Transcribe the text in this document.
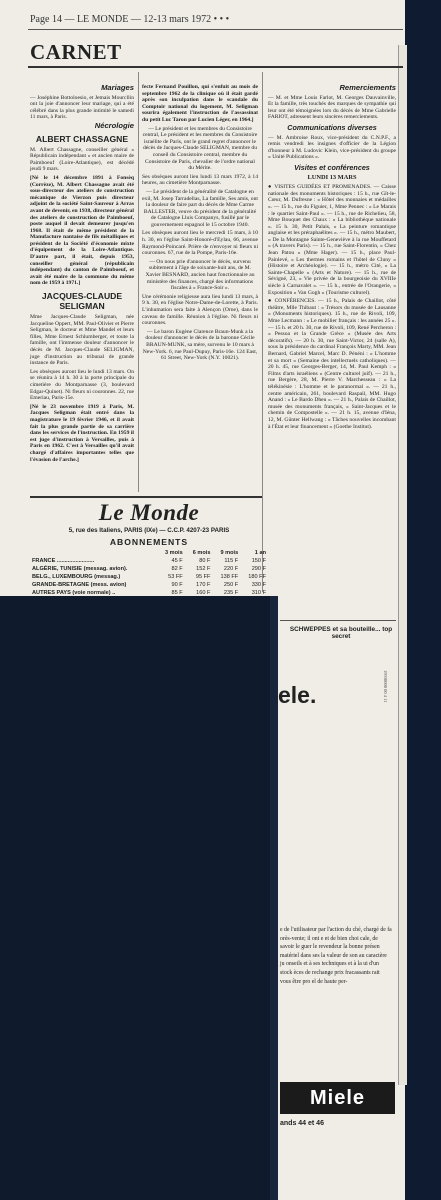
Page 14 — LE MONDE — 12-13 mars 1972 • • •
CARNET
Mariages

— Joséphine Bottoloesio, et Jemais Mourcllin ont la joie d'annoncer leur mariage, qui a été célébré dans la plus grande intimité le samedi 11 mars, à Paris.

Nécrologie
ALBERT CHASSAGNE

M. Albert Chassagne, conseiller général « Républicain indépendant » et ancien maire de Paimboeuf (Loire-Atlantique), est décédé jeudi 9 mars.

[Né le 14 décembre 1891 à Fonsèq (Corrèze), M. Albert Chassagne avait été sous-directeur des ateliers de construction mécanique de Vierzon puis directeur adjoint de la société Saint-Sauveur à Arras avant de devenir, en 1938, directeur général des ateliers de construction de Paimboeuf, poste auquel il devait demeurer jusqu'en 1968. Il était de même président de la Manufacture nantaise de fils métalliques et président de la Société d'économie mixte d'équipement de la Loire-Atlantique. D'autre part, il était, depuis 1953, conseiller général (républicain indépendant) du canton de Paimboeuf, et avait été maire de la commune du même nom de 1959 à 1971.]

JACQUES-CLAUDE SELIGMAN

Mme Jacques-Claude Seligman, née Jacqueline Oppert, MM. Paul-Olivier et Pierre Seligman, le docteur et Mme Mandel et leurs filles, Mme Ernest Schlumberger, et toute la famille, ont l'immense douleur d'annoncer le décès de M. Jacques-Claude SELIGMAN, juge d'instruction au tribunal de grande instance de Paris.

Les obsèques auront lieu le lundi 13 mars. On se réunira à 14 h. 30 à la porte principale du cimetière du Montparnasse (3, boulevard Edgar-Quinet). Ni fleurs ni couronnes. 22, rue Emeriau, Paris-15e.

[Né le 23 novembre 1919 à Paris, M. Jacques Seligman était entré dans la magistrature le 19 février 1946, et il avait fait la plus grande partie de sa carrière dans les services de l'instruction. En 1959 il est juge d'instruction à Versailles, puis à Paris en 1962. C'est à Versailles qu'il avait chargé d'affaires importantes telles que l'évasion de l'arche.]

fecte Fernand Pouillon, qui s'enfuit au mois de septembre 1962 de la clinique où il était gardé après son inculpation dans le scandale du Comptoir national du logement, M. Seligman sourira également l'instruction de l'assassinat du petit Luc Taron par Lucien Léger, en 1964.]

— Le président et les membres du Consistoire central, Le président et les membres du Consistoire israélite de Paris, ont le grand regret d'annoncer le décès de Jacques-Claude SELIGMAN, membre du conseil du Consistoire central, membre du Consistoire de Paris, chevalier de l'ordre national du Mérite.

Ses obsèques auront lieu lundi 13 mars 1972, à 14 heures, au cimetière Montparnasse.

— Le président de la généralité de Catalogne en exil, M. Josep Tarradellas, La famille, Ses amis, ont la douleur de faire part du décès de Mme Carme BALLESTER, veuve du président de la généralité de Catalogne Lluis Companys, fusillé par le gouvernement espagnol le 15 octobre 1940.

Les obsèques auront lieu le mercredi 15 mars, à 10 h. 30, en l'église Saint-Honoré-d'Eylau, 66, avenue Raymond-Poincaré. Prière de n'envoyer ni fleurs ni couronnes. 67, rue de la Pompe, Paris-16e.

— On nous prie d'annoncer le décès, survenu subitement à l'âge de soixante-huit ans, de M. Xavier BESNARD, ancien haut fonctionnaire au ministère des finances, chargé des informations fiscales à « France-Soir ».

Une cérémonie religieuse aura lieu lundi 13 mars, à 9 h. 30, en l'église Notre-Dame-de-Lorette, à Paris. L'inhumation sera faite à Alençon (Orne), dans le caveau de famille. Réunion à l'église. Ni fleurs ni couronnes.

— Le baron Eugène Clarence Braun-Munk a la douleur d'annoncer le décès de la baronne Cécile BRAUN-MUNK, sa mère, survenu le 10 mars à New-York. 6, rue Paul-Dupuy, Paris-16e. 124 East, 61 Street, New-York (N.Y. 10021).

Remerciements

— M. et Mme Louis Farlot, M. Georges Dauvainville, Et la famille, très touchés des marques de sympathie qui leur ont été témoignées lors du décès de Mme Gabrielle FARIOT, adressent leurs sincères remerciements.

Communications diverses

— M. Ambroise Roux, vice-président du C.N.P.F., a remis vendredi les insignes d'officier de la Légion d'honneur à M. Ludovic Klein, vice-président du groupe « Unité Publications ».

Visites et conférences
LUNDI 13 MARS

● VISITES GUIDÉES ET PROMENADES. — Caisse nationale des monuments historiques : 15 h., rue Gît-le-Cœur, M. Dufresne : « Hôtel des monnaies et médailles ». — 15 h., rue du Figuier, 1, Mme Pennec : « Le Marais : le quartier Saint-Paul ». — 15 h., rue de Richelieu, 58, Mme Bouquet des Chaux : « La bibliothèque nationale ». 15 h. 30, Petit Palais, « La peinture romantique anglaise et les préraphaélites ». — 15 h., métro Maubert, « De la Montagne Sainte-Geneviève à la rue Mouffetard » (A travers Paris). — 15 h., rue Saint-Florentin, « Chez Jean Patou » (Mme Hager). — 15 h., place Paul-Painlevé, « Les thermes romains et l'hôtel de Cluny » (Histoire et Archéologie). — 15 h., métro Cité, « La Sainte-Chapelle » (Arts et Nature). — 15 h., rue de Sévigné, 23, « Vie privée de la bourgeoisie du XVIIIe siècle à Carnavalet ». — 15 h., entrée de l'Orangerie, « Exposition « Van Gogh » (Tourisme culturel).

● CONFÉRENCES. — 15 h., Palais de Chaillot, côté théâtre, Mlle Thibaut : « Trésors du musée de Lausanne » (Monuments historiques). 15 h., rue de Rivoli, 109, Mme Lecmann : « Le mobilier français : les années 25 ». — 15 h. et 20 h. 30, rue de Rivoli, 109, René Percheron : « Pessoa et la Grande Grèce » (Musée des Arts décoratifs). — 20 h. 30, rue Saint-Victor, 24 (salle A), sous la présidence du cardinal François Marty, MM. Jean Bernard, Gabriel Marcel, Marc D. Pénéni : « L'homme et sa mort » (Semaine des intellectuels catholiques). — 20 h. 45, rue Georges-Berger, 14, M. Paul Kemph : « Films d'arts israéliens » (Centre culturel juif). — 21 h., rue Bergère, 28, M. Pierre V. Marchesseau : « La télékinésie : L'homme et le paranormal ». — 21 h., centre américain, 261, boulevard Raspail, MM. Hugo Anand : « Le Bardo Dheu ». — 21 h., Palais de Chaillot, musée des monuments français, « Saint-Jacques et le chemin de Compostelle ». — 21 h. 15, avenue d'Iéna, 12, M. Günter Hellwang : « Tâches nouvelles incombant à l'État et leur financement » (Goethe Institut).

Le Monde
5, rue des Italiens, PARIS (IXe) — C.C.P. 4207-23 PARIS
ABONNEMENTS
	3 mois	6 mois	9 mois	1 an
FRANCE ........................	45 F	80 F	115 F	150 F
ALGÉRIE, TUNISIE (messag. avion).	82 F	152 F	220 F	290 F
BELG., LUXEMBOURG (messag.)	53 FF	95 FF	138 FF	180 FF
GRANDE-BRETAGNE (mess. avion)	90 F	170 F	250 F	330 F
AUTRES PAYS (voie normale) ..	85 F	160 F	235 F	310 F
ele.
e de l'utilisateur par l'action du ché, chargé de fa orès-vente; il ont e et de bien choi cale, de savoir le guer le revendeur la bonne présen matériel dans ses la valeur de son au caractère ju onseils et à ses techniques et à la ui d'un stock èces de rechange prix fracassants rait vous être pro el de haute per-
Miele
ands 44 et 46
SCHWEPPES et sa bouteille... top secret
19930000 00 4 11
